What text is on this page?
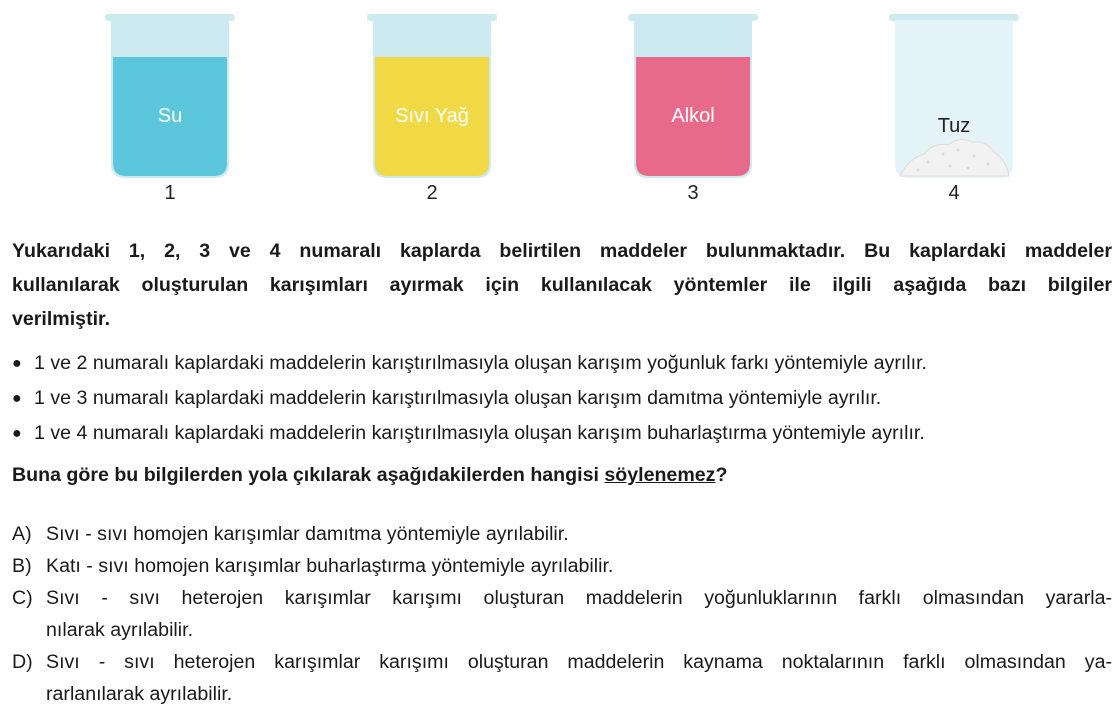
Su
1
Sıvı Yağ
2
Alkol
3
Tuz
4
Yukarıdaki 1, 2, 3 ve 4 numaralı kaplarda belirtilen maddeler bulunmaktadır. Bu kaplardaki maddeler
kullanılarak oluşturulan karışımları ayırmak için kullanılacak yöntemler ile ilgili aşağıda bazı bilgiler
verilmiştir.
● 1 ve 2 numaralı kaplardaki maddelerin karıştırılmasıyla oluşan karışım yoğunluk farkı yöntemiyle ayrılır.
● 1 ve 3 numaralı kaplardaki maddelerin karıştırılmasıyla oluşan karışım damıtma yöntemiyle ayrılır.
● 1 ve 4 numaralı kaplardaki maddelerin karıştırılmasıyla oluşan karışım buharlaştırma yöntemiyle ayrılır.
Buna göre bu bilgilerden yola çıkılarak aşağıdakilerden hangisi söylenemez?
A) Sıvı - sıvı homojen karışımlar damıtma yöntemiyle ayrılabilir.
B) Katı - sıvı homojen karışımlar buharlaştırma yöntemiyle ayrılabilir.
C) Sıvı - sıvı heterojen karışımlar karışımı oluşturan maddelerin yoğunluklarının farklı olmasından yararla-
nılarak ayrılabilir.
D) Sıvı - sıvı heterojen karışımlar karışımı oluşturan maddelerin kaynama noktalarının farklı olmasından ya-
rarlanılarak ayrılabilir.
